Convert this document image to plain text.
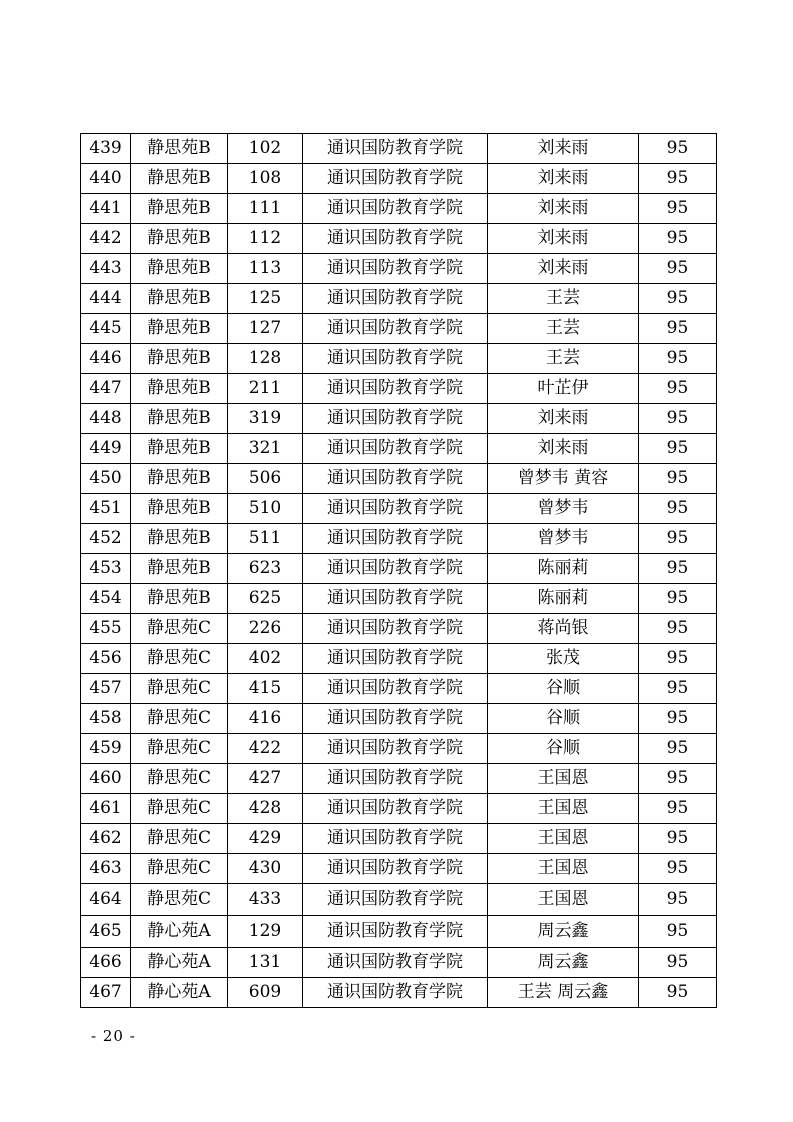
439	静思苑B	102	通识国防教育学院	刘来雨	95
440	静思苑B	108	通识国防教育学院	刘来雨	95
441	静思苑B	111	通识国防教育学院	刘来雨	95
442	静思苑B	112	通识国防教育学院	刘来雨	95
443	静思苑B	113	通识国防教育学院	刘来雨	95
444	静思苑B	125	通识国防教育学院	王芸	95
445	静思苑B	127	通识国防教育学院	王芸	95
446	静思苑B	128	通识国防教育学院	王芸	95
447	静思苑B	211	通识国防教育学院	叶芷伊	95
448	静思苑B	319	通识国防教育学院	刘来雨	95
449	静思苑B	321	通识国防教育学院	刘来雨	95
450	静思苑B	506	通识国防教育学院	曾梦韦 黄容	95
451	静思苑B	510	通识国防教育学院	曾梦韦	95
452	静思苑B	511	通识国防教育学院	曾梦韦	95
453	静思苑B	623	通识国防教育学院	陈丽莉	95
454	静思苑B	625	通识国防教育学院	陈丽莉	95
455	静思苑C	226	通识国防教育学院	蒋尚银	95
456	静思苑C	402	通识国防教育学院	张茂	95
457	静思苑C	415	通识国防教育学院	谷顺	95
458	静思苑C	416	通识国防教育学院	谷顺	95
459	静思苑C	422	通识国防教育学院	谷顺	95
460	静思苑C	427	通识国防教育学院	王国恩	95
461	静思苑C	428	通识国防教育学院	王国恩	95
462	静思苑C	429	通识国防教育学院	王国恩	95
463	静思苑C	430	通识国防教育学院	王国恩	95
464	静思苑C	433	通识国防教育学院	王国恩	95
465	静心苑A	129	通识国防教育学院	周云鑫	95
466	静心苑A	131	通识国防教育学院	周云鑫	95
467	静心苑A	609	通识国防教育学院	王芸 周云鑫	95
- 20 -
